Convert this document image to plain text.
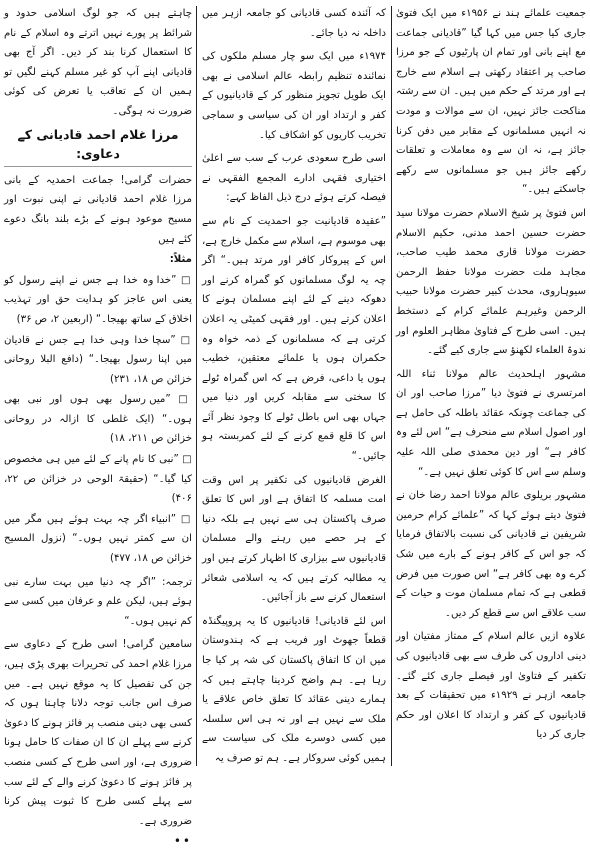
جمعیت علمائے ہند نے ۱۹۵۶ء میں ایک فتویٰ جاری کیا جس میں کہا گیا ”قادیانی جماعت مع اپنے بانی اور تمام ان پارٹیوں کے جو مرزا صاحب پر اعتقاد رکھتی ہے اسلام سے خارج ہے اور مرتد کے حکم میں ہیں۔ ان سے رشتہ مناکحت جائز نہیں، ان سے موالات و مودت نہ انہیں مسلمانوں کے مقابر میں دفن کرنا جائز ہے، نہ ان سے وہ معاملات و تعلقات رکھے جائز ہیں جو مسلمانوں سے رکھے جاسکتے ہیں۔“

اس فتویٰ پر شیخ الاسلام حضرت مولانا سید حضرت حسین احمد مدنی، حکیم الاسلام حضرت مولانا قاری محمد طیب صاحب، مجاہد ملت حضرت مولانا حفظ الرحمن سیوہاروی، محدث کبیر حضرت مولانا حبیب الرحمن وغیرہم علمائے کرام کے دستخط ہیں۔ اسی طرح کے فتاویٰ مظاہر العلوم اور ندوۃ العلماء لکھنؤ سے جاری کیے گئے۔

مشہور اہلحدیث عالم مولانا ثناء اللہ امرتسری نے فتویٰ دیا ”مرزا صاحب اور ان کی جماعت چونکہ عقائد باطلہ کی حامل ہے اور اصول اسلام سے منحرف ہے“ اس لئے وہ کافر ہے“ اور دین محمدی صلی اللہ علیہ وسلم سے اس کا کوئی تعلق نہیں ہے۔“

مشہور بریلوی عالم مولانا احمد رضا خان نے فتویٰ دیتے ہوئے کہا کہ ”علمائے کرام حرمین شریفین نے قادیانی کی نسبت بالاتفاق فرمایا کہ جو اس کے کافر ہونے کے بارے میں شک کرے وہ بھی کافر ہے“ اس صورت میں فرض قطعی ہے کہ تمام مسلمان موت و حیات کے سب علاقے اس سے قطع کر دیں۔

علاوہ ازیں عالم اسلام کے ممتاز مفتیان اور دینی اداروں کی طرف سے بھی قادیانیوں کی تکفیر کے فتاویٰ اور فیصلے جاری کئے گئے۔ جامعہ ازہر نے ۱۹۲۹ء میں تحقیقات کے بعد قادیانیوں کے کفر و ارتداد کا اعلان اور حکم جاری کر دیا

کہ آئندہ کسی قادیانی کو جامعہ ازہر میں داخلہ نہ دیا جائے۔

۱۹۷۴ء میں ایک سو چار مسلم ملکوں کی نمائندہ تنظیم رابطہ عالم اسلامی نے بھی ایک طویل تجویز منظور کر کے قادیانیوں کے کفر و ارتداد اور ان کی سیاسی و سماجی تخریب کاریوں کو اشکاف کیا۔

اسی طرح سعودی عرب کے سب سے اعلیٰ اختیاری فقہی ادارے المجمع الفقہی نے فیصلہ کرتے ہوئے درج ذیل الفاظ کہے:

”عقیدہ قادیانیت جو احمدیت کے نام سے بھی موسوم ہے، اسلام سے مکمل خارج ہے، اس کے پیروکار کافر اور مرتد ہیں۔“ اگر چہ یہ لوگ مسلمانوں کو گمراہ کرنے اور دھوکہ دینے کے لئے اپنے مسلمان ہونے کا اعلان کرتے ہیں۔ اور فقہی کمیٹی یہ اعلان کرتی ہے کہ مسلمانوں کے ذمہ خواہ وہ حکمران ہوں یا علمائے معتقین، خطیب ہوں یا داعی، فرض ہے کہ اس گمراہ ٹولے کا سختی سے مقابلہ کریں اور دنیا میں جہاں بھی اس باطل ٹولے کا وجود نظر آئے اس کا قلع قمع کرنے کے لئے کمربستہ ہو جائیں۔“

الغرض قادیانیوں کی تکفیر پر اس وقت امت مسلمہ کا اتفاق ہے اور اس کا تعلق صرف پاکستان ہی سے نہیں ہے بلکہ دنیا کے ہر حصے میں رہنے والے مسلمان قادیانیوں سے بیزاری کا اظہار کرتے ہیں اور یہ مطالبہ کرتے ہیں کہ یہ اسلامی شعائر استعمال کرنے سے باز آجائیں۔

اس لئے قادیانی! قادیانیوں کا یہ پروپیگنڈہ قطعاً جھوٹ اور فریب ہے کہ ہندوستان میں ان کا اتفاق پاکستان کی شہ پر کیا جا رہا ہے۔ ہم واضح کردینا چاہتے ہیں کہ ہمارے دینی عقائد کا تعلق خاص علاقے یا ملک سے نہیں ہے اور نہ ہی اس سلسلہ میں کسی دوسرے ملک کی سیاست سے ہمیں کوئی سروکار ہے۔ ہم تو صرف یہ

چاہتے ہیں کہ جو لوگ اسلامی حدود و شرائط پر پورے نہیں اترتے وہ اسلام کے نام کا استعمال کرنا بند کر دیں۔ اگر آج بھی قادیانی اپنے آپ کو غیر مسلم کہنے لگیں تو ہمیں ان کے تعاقب یا تعرض کی کوئی ضرورت نہ ہوگی۔

مرزا غلام احمد قادیانی کے دعاوی:

حضرات گرامی! جماعت احمدیہ کے بانی مرزا غلام احمد قادیانی نے اپنی نبوت اور مسیح موعود ہونے کے بڑے بلند بانگ دعوے کئے ہیں

مثلاً:

□ ”خدا وہ خدا ہے جس نے اپنے رسول کو یعنی اس عاجز کو ہدایت حق اور تہذیب اخلاق کے ساتھ بھیجا۔“ (اربعین ۲، ص ۳۶)

□ ”سچا خدا وہی خدا ہے جس نے قادیان میں اپنا رسول بھیجا۔“ (دافع البلا روحانی خزائن ص ۱۸، ۲۳۱)

□ ”میں رسول بھی ہوں اور نبی بھی ہوں۔“ (ایک غلطی کا ازالہ در روحانی خزائن ص ۲۱۱، ۱۸)

□ ”نبی کا نام پانے کے لئے میں ہی مخصوص کیا گیا۔“ (حقیقۃ الوحی در خزائن ص ۲۲، ۴۰۶)

□ ”انبیاء اگر چہ بہت ہوئے ہیں مگر میں ان سے کمتر نہیں ہوں۔“ (نزول المسیح خزائن ص ۱۸، ۴۷۷)

ترجمہ: ”اگر چہ دنیا میں بہت سارے نبی ہوئے ہیں، لیکن علم و عرفان میں کسی سے کم نہیں ہوں۔“

سامعین گرامی! اسی طرح کے دعاوی سے مرزا غلام احمد کی تحریرات بھری پڑی ہیں، جن کی تفصیل کا یہ موقع نہیں ہے۔ میں صرف اس جانب توجہ دلانا چاہتا ہوں کہ کسی بھی دینی منصب پر فائز ہونے کا دعویٰ کرنے سے پہلے ان کا ان صفات کا حامل ہونا ضروری ہے، اور اسی طرح کے کسی منصب پر فائز ہونے کا دعویٰ کرنے والے کے لئے سب سے پہلے کسی طرح کا ثبوت پیش کرنا ضروری ہے۔

••
